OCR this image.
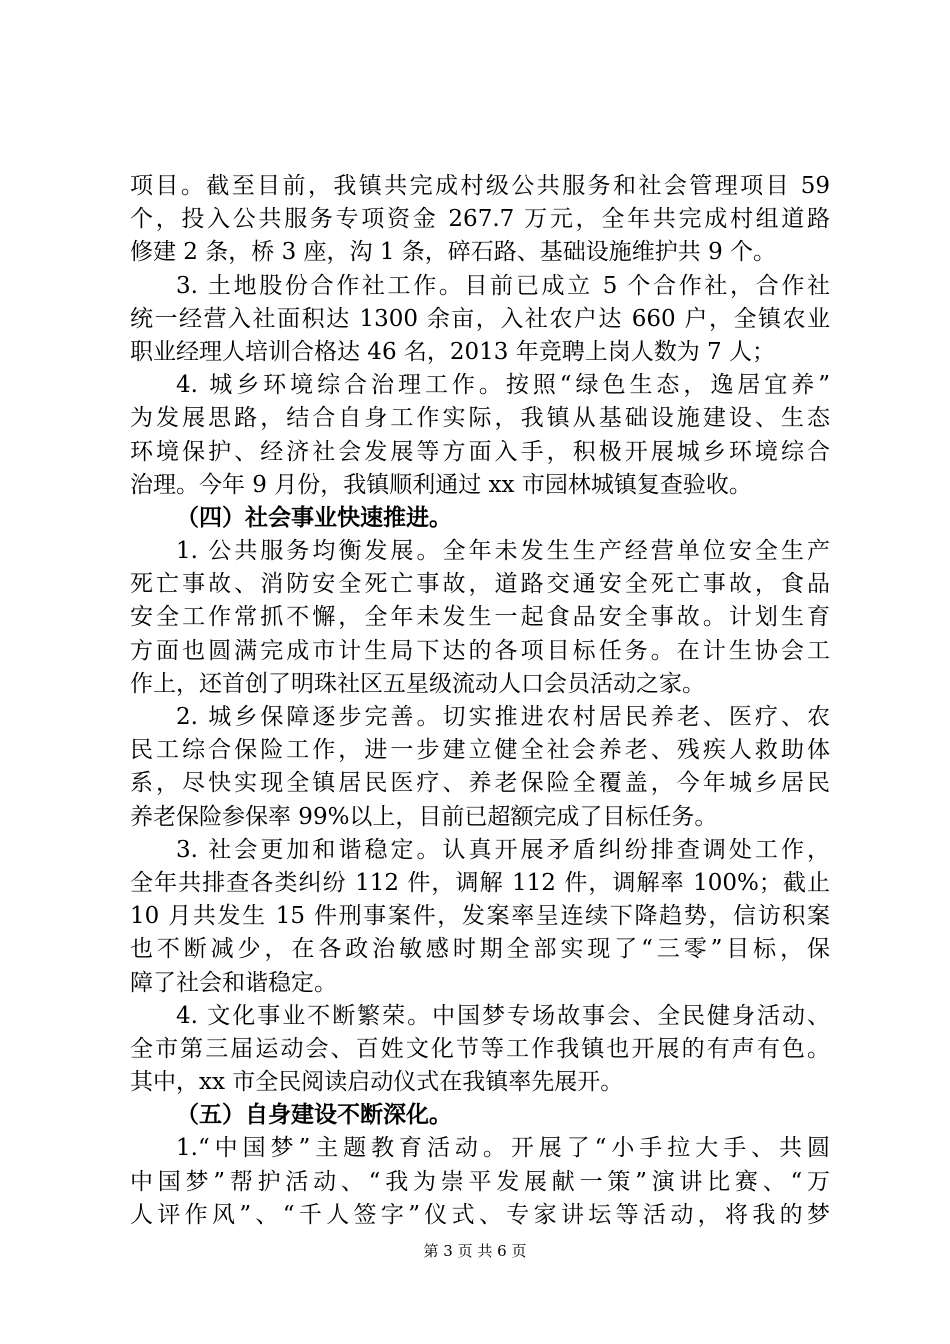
项目。截至目前，我镇共完成村级公共服务和社会管理项目 59
个，投入公共服务专项资金 267.7 万元，全年共完成村组道路
修建 2 条，桥 3 座，沟 1 条，碎石路、基础设施维护共 9 个。
3. 土地股份合作社工作。目前已成立 5 个合作社，合作社
统一经营入社面积达 1300 余亩，入社农户达 660 户，全镇农业
职业经理人培训合格达 46 名，2013 年竞聘上岗人数为 7 人；
4. 城乡环境综合治理工作。按照“绿色生态，逸居宜养”
为发展思路，结合自身工作实际，我镇从基础设施建设、生态
环境保护、经济社会发展等方面入手，积极开展城乡环境综合
治理。今年 9 月份，我镇顺利通过 xx 市园林城镇复查验收。
（四）社会事业快速推进。
1. 公共服务均衡发展。全年未发生生产经营单位安全生产
死亡事故、消防安全死亡事故，道路交通安全死亡事故，食品
安全工作常抓不懈，全年未发生一起食品安全事故。计划生育
方面也圆满完成市计生局下达的各项目标任务。在计生协会工
作上，还首创了明珠社区五星级流动人口会员活动之家。
2. 城乡保障逐步完善。切实推进农村居民养老、医疗、农
民工综合保险工作，进一步建立健全社会养老、残疾人救助体
系，尽快实现全镇居民医疗、养老保险全覆盖，今年城乡居民
养老保险参保率 99%以上，目前已超额完成了目标任务。
3. 社会更加和谐稳定。认真开展矛盾纠纷排查调处工作，
全年共排查各类纠纷 112 件，调解 112 件，调解率 100%；截止
10 月共发生 15 件刑事案件，发案率呈连续下降趋势，信访积案
也不断减少，在各政治敏感时期全部实现了“三零”目标，保
障了社会和谐稳定。
4. 文化事业不断繁荣。中国梦专场故事会、全民健身活动、
全市第三届运动会、百姓文化节等工作我镇也开展的有声有色。
其中，xx 市全民阅读启动仪式在我镇率先展开。
（五）自身建设不断深化。
1.“中国梦”主题教育活动。开展了“小手拉大手、共圆
中国梦”帮护活动、“我为崇平发展献一策”演讲比赛、“万
人评作风”、“千人签字”仪式、专家讲坛等活动，将我的梦
第 3 页 共 6 页
